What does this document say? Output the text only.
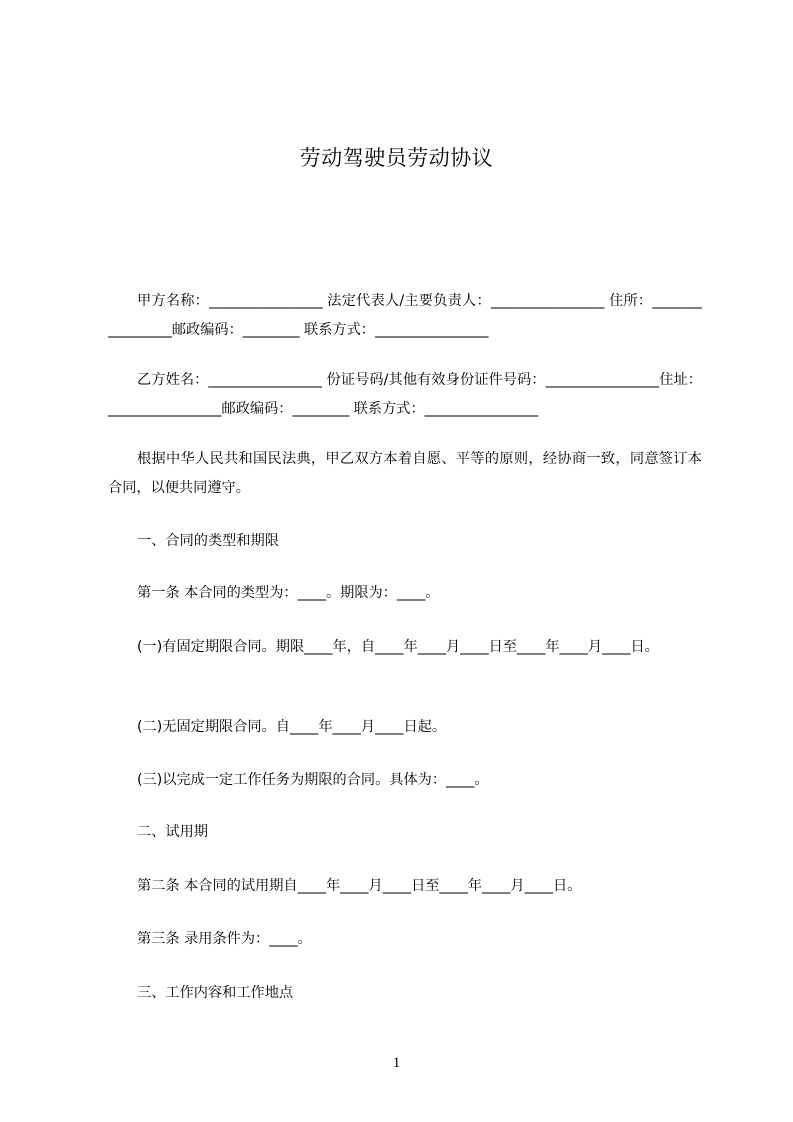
劳动驾驶员劳动协议

甲方名称：________________ 法定代表人/主要负责人：________________ 住所：________________邮政编码：________ 联系方式：________________

乙方姓名：________________ 份证号码/其他有效身份证件号码：________________住址：________________邮政编码：________ 联系方式：________________

根据中华人民共和国民法典，甲乙双方本着自愿、平等的原则，经协商一致，同意签订本合同，以便共同遵守。

一、合同的类型和期限

第一条 本合同的类型为：____。期限为：____。

(一)有固定期限合同。期限____年，自____年____月____日至____年____月____日。

(二)无固定期限合同。自____年____月____日起。

(三)以完成一定工作任务为期限的合同。具体为：____。

二、试用期

第二条 本合同的试用期自____年____月____日至____年____月____日。

第三条 录用条件为：____。

三、工作内容和工作地点

1
